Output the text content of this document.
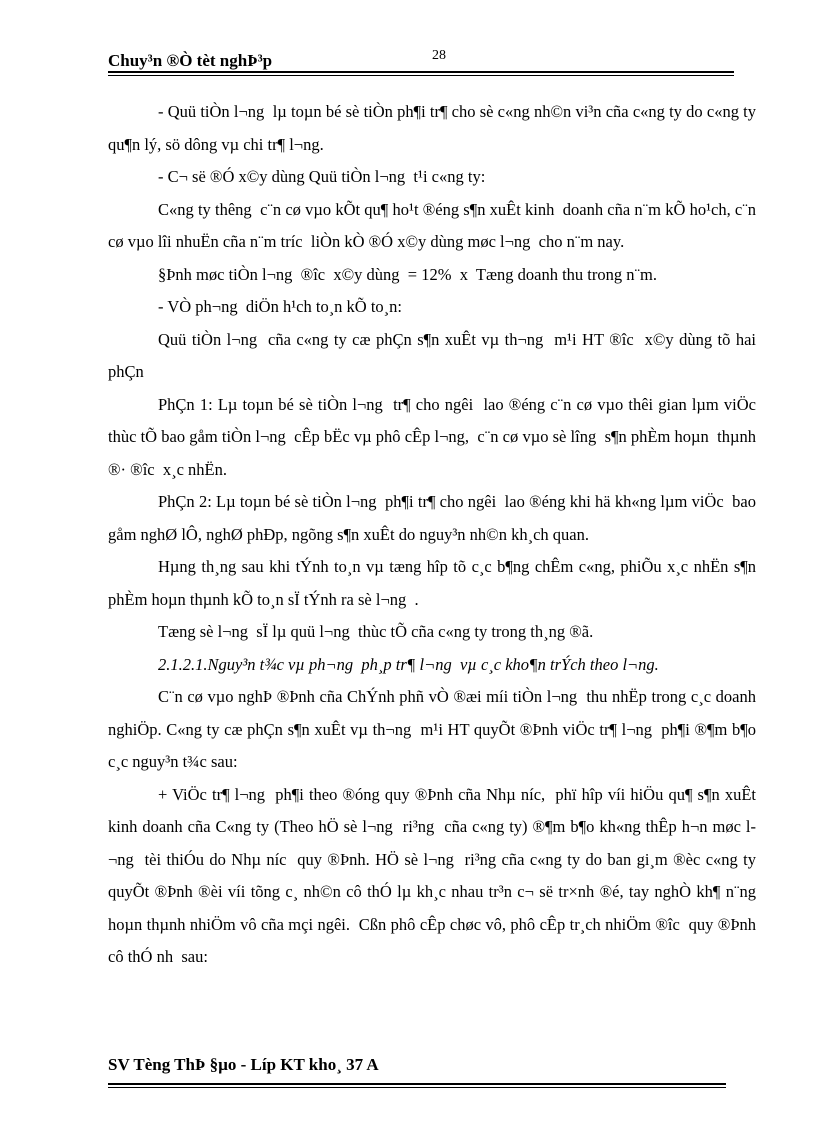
Chuy³n ®Ò tèt nghÞ³p	28

- Quü tiÒn l¬ng  lµ toµn bé sè tiÒn ph¶i tr¶ cho sè c«ng nh©n vi³n cña c«ng ty do c«ng ty qu¶n lý, sö dông vµ chi tr¶ l¬ng.

- C¬ së ®Ó x©y dùng Quü tiÒn l¬ng  t¹i c«ng ty:

C«ng ty thêng  c¨n cø vµo kÕt qu¶ ho¹t ®éng s¶n xuÊt kinh  doanh cña n¨m kÕ ho¹ch, c¨n cø vµo lîi nhuËn cña n¨m tríc  liÒn kÒ ®Ó x©y dùng møc l¬ng  cho n¨m nay.

§Þnh møc tiÒn l¬ng  ®îc  x©y dùng  = 12%  x  Tæng doanh thu trong n¨m.

- VÒ ph¬ng  diÖn h¹ch to¸n kÕ to¸n:

Quü tiÒn l¬ng  cña c«ng ty cæ phÇn s¶n xuÊt vµ th¬ng  m¹i HT ®îc  x©y dùng tõ hai phÇn

PhÇn 1: Lµ toµn bé sè tiÒn l¬ng  tr¶ cho ngêi  lao ®éng c¨n cø vµo thêi gian lµm viÖc thùc tÕ bao gåm tiÒn l¬ng  cÊp bËc vµ phô cÊp l¬ng,  c¨n cø vµo sè lîng  s¶n phÈm hoµn  thµnh ®· ®îc  x¸c nhËn.

PhÇn 2: Lµ toµn bé sè tiÒn l¬ng  ph¶i tr¶ cho ngêi  lao ®éng khi hä kh«ng lµm viÖc  bao gåm nghØ lÔ, nghØ phÐp, ngõng s¶n xuÊt do nguy³n nh©n kh¸ch quan.

Hµng th¸ng sau khi tÝnh to¸n vµ tæng hîp tõ c¸c b¶ng chÊm c«ng, phiÕu x¸c nhËn s¶n phÈm hoµn thµnh kÕ to¸n sÏ tÝnh ra sè l¬ng  .

Tæng sè l¬ng  sÏ lµ quü l¬ng  thùc tÕ cña c«ng ty trong th¸ng ®ã.

2.1.2.1.Nguy³n t¾c vµ ph¬ng  ph¸p tr¶ l¬ng  vµ c¸c kho¶n trÝch theo l¬ng.

C¨n cø vµo nghÞ ®Þnh cña ChÝnh phñ vÒ ®æi míi tiÒn l¬ng  thu nhËp trong c¸c doanh nghiÖp. C«ng ty cæ phÇn s¶n xuÊt vµ th¬ng  m¹i HT quyÕt ®Þnh viÖc tr¶ l¬ng  ph¶i ®¶m b¶o c¸c nguy³n t¾c sau:

+ ViÖc tr¶ l¬ng  ph¶i theo ®óng quy ®Þnh cña Nhµ níc,  phï hîp víi hiÖu qu¶ s¶n xuÊt kinh doanh cña C«ng ty (Theo hÖ sè l¬ng  ri³ng  cña c«ng ty) ®¶m b¶o kh«ng thÊp h¬n møc l¬ng  tèi thiÓu do Nhµ níc  quy ®Þnh. HÖ sè l¬ng  ri³ng cña c«ng ty do ban gi¸m ®èc c«ng ty quyÕt ®Þnh ®èi víi tõng c¸ nh©n cô thÓ lµ kh¸c nhau tr³n c¬ së tr×nh ®é, tay nghÒ kh¶ n¨ng hoµn thµnh nhiÖm vô cña mçi ngêi.  Cßn phô cÊp chøc vô, phô cÊp tr¸ch nhiÖm ®îc  quy ®Þnh cô thÓ nh  sau:

SV Tèng ThÞ §µo - Líp KT kho¸ 37 A
